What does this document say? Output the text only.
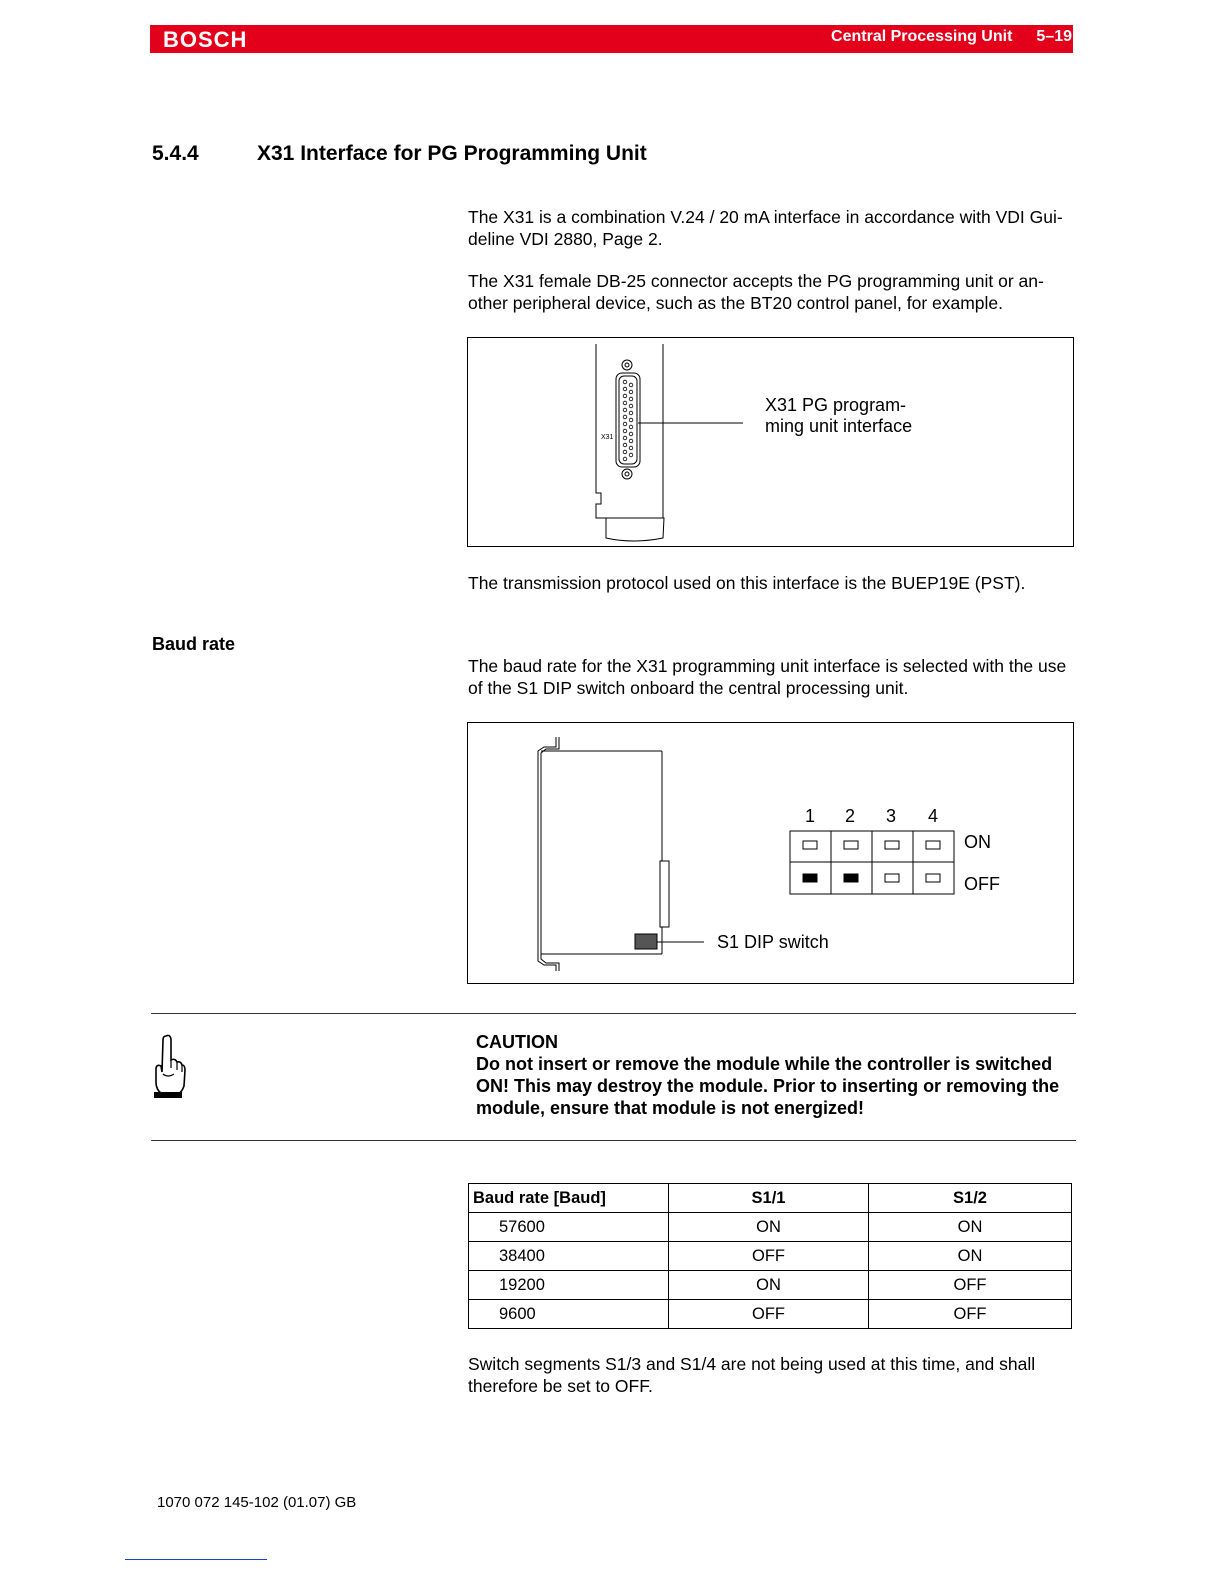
BOSCH	Central Processing Unit 5–19
5.4.4	X31 Interface for PG Programming Unit
The X31 is a combination V.24 / 20 mA interface in accordance with VDI Gui-deline VDI 2880, Page 2.
The X31 female DB-25 connector accepts the PG programming unit or an-other peripheral device, such as the BT20 control panel, for example.
X31
X31 PG program-
ming unit interface
The transmission protocol used on this interface is the BUEP19E (PST).
Baud rate
The baud rate for the X31 programming unit interface is selected with the use of the S1 DIP switch onboard the central processing unit.
1 2 3 4
ON
OFF
S1 DIP switch
CAUTION
Do not insert or remove the module while the controller is switched ON! This may destroy the module. Prior to inserting or removing the module, ensure that module is not energized!
Baud rate [Baud]	S1/1	S1/2
57600	ON	ON
38400	OFF	ON
19200	ON	OFF
9600	OFF	OFF
Switch segments S1/3 and S1/4 are not being used at this time, and shall therefore be set to OFF.
1070 072 145-102 (01.07) GB
